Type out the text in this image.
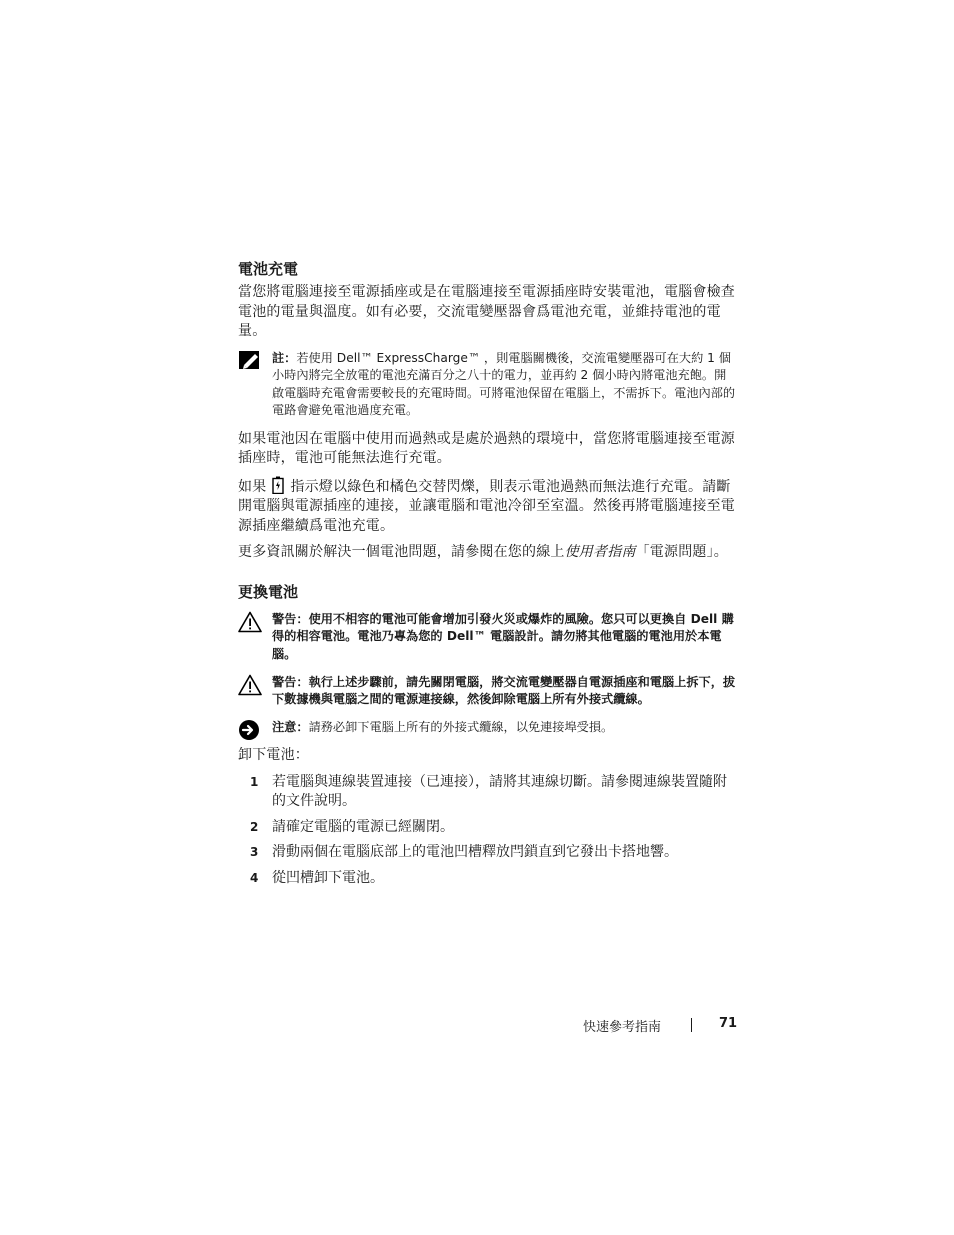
電池充電

當您將電腦連接至電源插座或是在電腦連接至電源插座時安裝電池，電腦會檢查電池的電量與溫度。如有必要，交流電變壓器會爲電池充電，並維持電池的電量。

註：若使用 Dell™ ExpressCharge™ ，則電腦關機後，交流電變壓器可在大約 1 個小時內將完全放電的電池充滿百分之八十的電力，並再約 2 個小時內將電池充飽。開啟電腦時充電會需要較長的充電時間。可將電池保留在電腦上，不需拆下。電池內部的電路會避免電池過度充電。

如果電池因在電腦中使用而過熱或是處於過熱的環境中，當您將電腦連接至電源插座時，電池可能無法進行充電。

如果 指示燈以綠色和橘色交替閃爍，則表示電池過熱而無法進行充電。請斷開電腦與電源插座的連接，並讓電腦和電池冷卻至室溫。然後再將電腦連接至電源插座繼續爲電池充電。

更多資訊關於解決一個電池問題，請參閱在您的線上使用者指南「電源問題」。

更換電池
警告：使用不相容的電池可能會增加引發火災或爆炸的風險。您只可以更換自 Dell 購得的相容電池。電池乃專為您的 Dell™ 電腦設計。請勿將其他電腦的電池用於本電腦。
警告：執行上述步驟前，請先關閉電腦，將交流電變壓器自電源插座和電腦上拆下，拔下數據機與電腦之間的電源連接線，然後卸除電腦上所有外接式纜線。
注意：請務必卸下電腦上所有的外接式纜線，以免連接埠受損。

卸下電池：

1 若電腦與連線裝置連接（已連接），請將其連線切斷。請參閱連線裝置隨附的文件說明。
2 請確定電腦的電源已經關閉。
3 滑動兩個在電腦底部上的電池凹槽釋放閂鎖直到它發出卡搭地響。
4 從凹槽卸下電池。
快速參考指南	71
